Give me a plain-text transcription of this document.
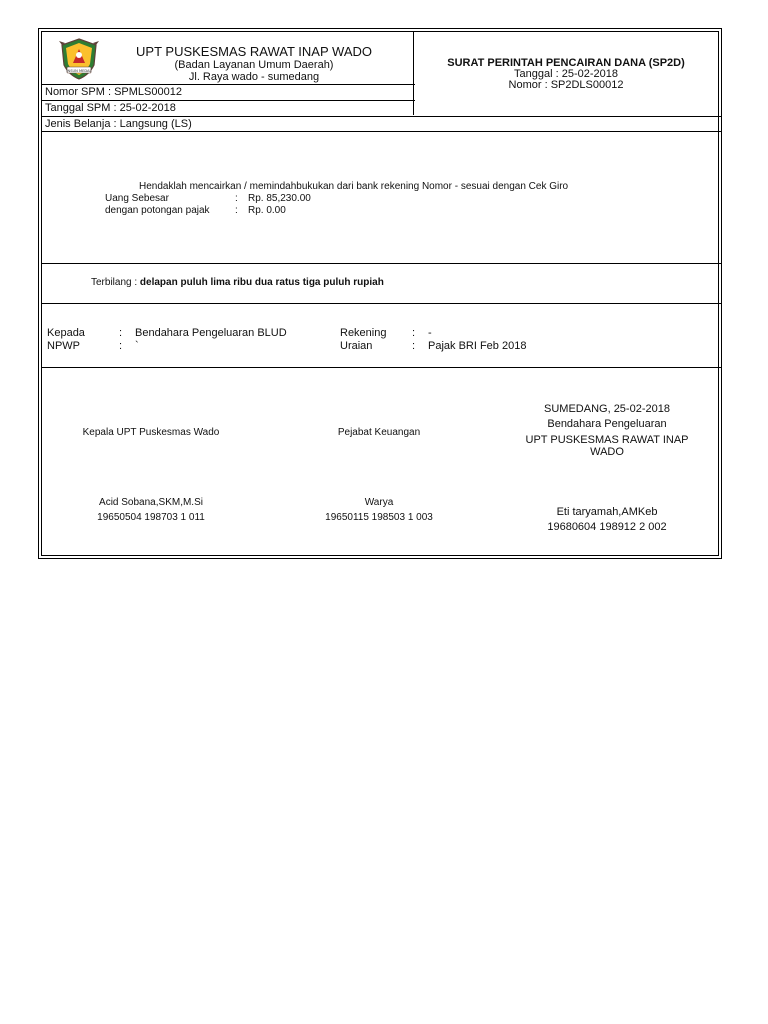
INSUN MEDAL
UPT PUSKESMAS RAWAT INAP WADO
(Badan Layanan Umum Daerah)
Jl. Raya wado - sumedang
SURAT PERINTAH PENCAIRAN DANA (SP2D)
Tanggal : 25-02-2018
Nomor : SP2DLS00012
Nomor SPM : SPMLS00012
Tanggal SPM : 25-02-2018
Jenis Belanja : Langsung (LS)
Hendaklah mencairkan / memindahbukukan dari bank rekening Nomor - sesuai dengan Cek Giro
Uang Sebesar	: Rp. 85,230.00
dengan potongan pajak	: Rp. 0.00
Terbilang : delapan puluh lima ribu dua ratus tiga puluh rupiah
Kepada	: Bendahara Pengeluaran BLUD
NPWP	: `
Rekening : -
Uraian	: Pajak BRI Feb 2018
SUMEDANG, 25-02-2018
Kepala UPT Puskesmas Wado	Pejabat Keuangan
Bendahara Pengeluaran
UPT PUSKESMAS RAWAT INAP
WADO
Acid Sobana,SKM,M.Si
19650504 198703 1 011
Warya
19650115 198503 1 003	Eti taryamah,AMKeb
19680604 198912 2 002
